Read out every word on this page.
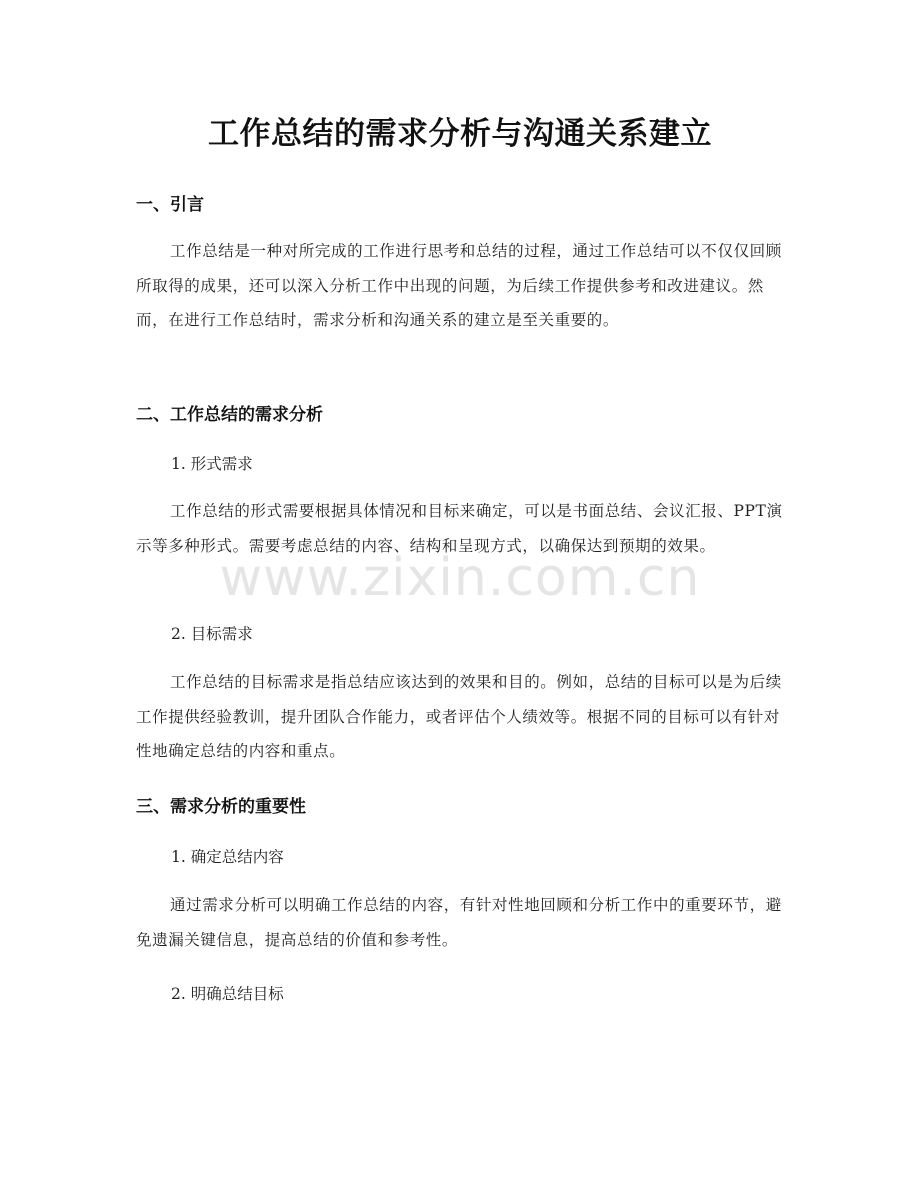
工作总结的需求分析与沟通关系建立
一、引言
工作总结是一种对所完成的工作进行思考和总结的过程，通过工作总结可以不仅仅回顾所取得的成果，还可以深入分析工作中出现的问题，为后续工作提供参考和改进建议。然而，在进行工作总结时，需求分析和沟通关系的建立是至关重要的。
二、工作总结的需求分析
1. 形式需求
工作总结的形式需要根据具体情况和目标来确定，可以是书面总结、会议汇报、PPT演示等多种形式。需要考虑总结的内容、结构和呈现方式，以确保达到预期的效果。
2. 目标需求
工作总结的目标需求是指总结应该达到的效果和目的。例如，总结的目标可以是为后续工作提供经验教训，提升团队合作能力，或者评估个人绩效等。根据不同的目标可以有针对性地确定总结的内容和重点。
三、需求分析的重要性
1. 确定总结内容
通过需求分析可以明确工作总结的内容，有针对性地回顾和分析工作中的重要环节，避免遗漏关键信息，提高总结的价值和参考性。
2. 明确总结目标
www.zixin.com.cn
